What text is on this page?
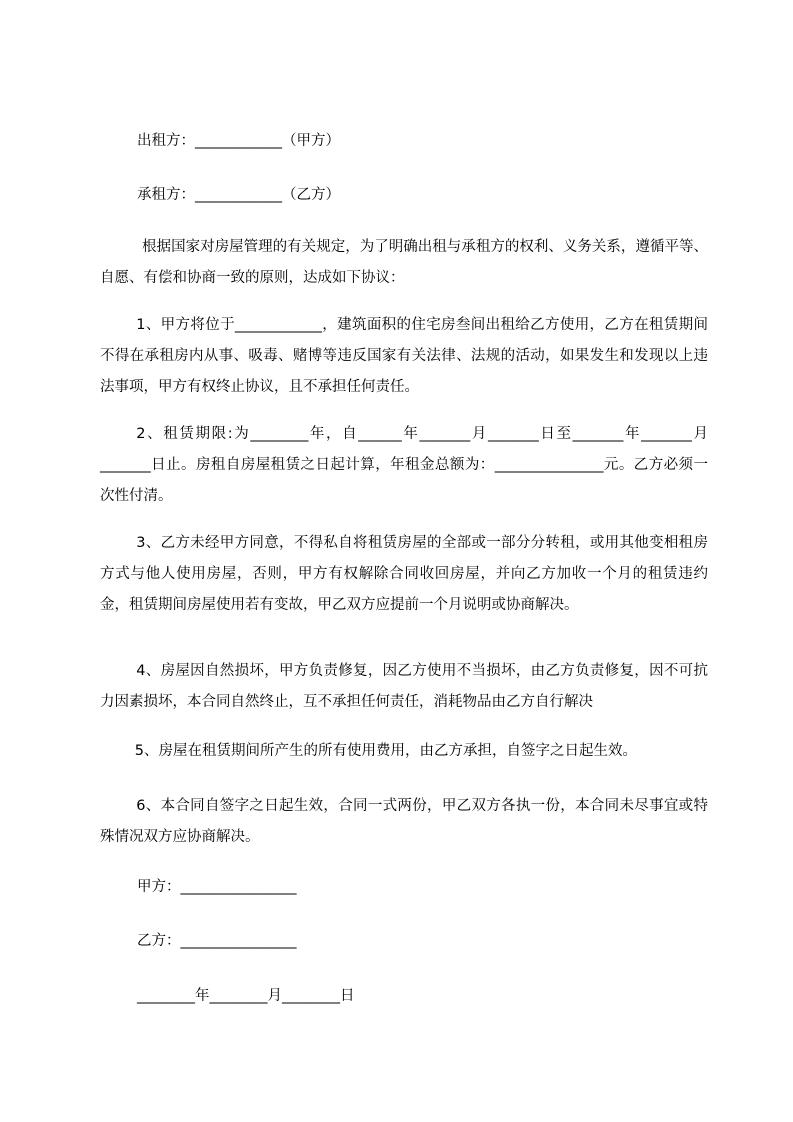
出租方：____________（甲方）

承租方：____________（乙方）

根据国家对房屋管理的有关规定，为了明确出租与承租方的权利、义务关系，遵循平等、自愿、有偿和协商一致的原则，达成如下协议：

1、甲方将位于____________，建筑面积的住宅房叁间出租给乙方使用，乙方在租赁期间不得在承租房内从事、吸毒、赌博等违反国家有关法律、法规的活动，如果发生和发现以上违法事项，甲方有权终止协议，且不承担任何责任。

2、租赁期限:为________年，自______年_______月_______日至_______年_______月_______日止。房租自房屋租赁之日起计算，年租金总额为：_______________元。乙方必须一次性付清。

3、乙方未经甲方同意，不得私自将租赁房屋的全部或一部分分转租，或用其他变相租房方式与他人使用房屋，否则，甲方有权解除合同收回房屋，并向乙方加收一个月的租赁违约金，租赁期间房屋使用若有变故，甲乙双方应提前一个月说明或协商解决。

4、房屋因自然损坏，甲方负责修复，因乙方使用不当损坏，由乙方负责修复，因不可抗力因素损坏，本合同自然终止，互不承担任何责任，消耗物品由乙方自行解决

5、房屋在租赁期间所产生的所有使用费用，由乙方承担，自签字之日起生效。

6、本合同自签字之日起生效，合同一式两份，甲乙双方各执一份，本合同未尽事宜或特殊情况双方应协商解决。

甲方：________________

乙方：________________

________年________月________日
